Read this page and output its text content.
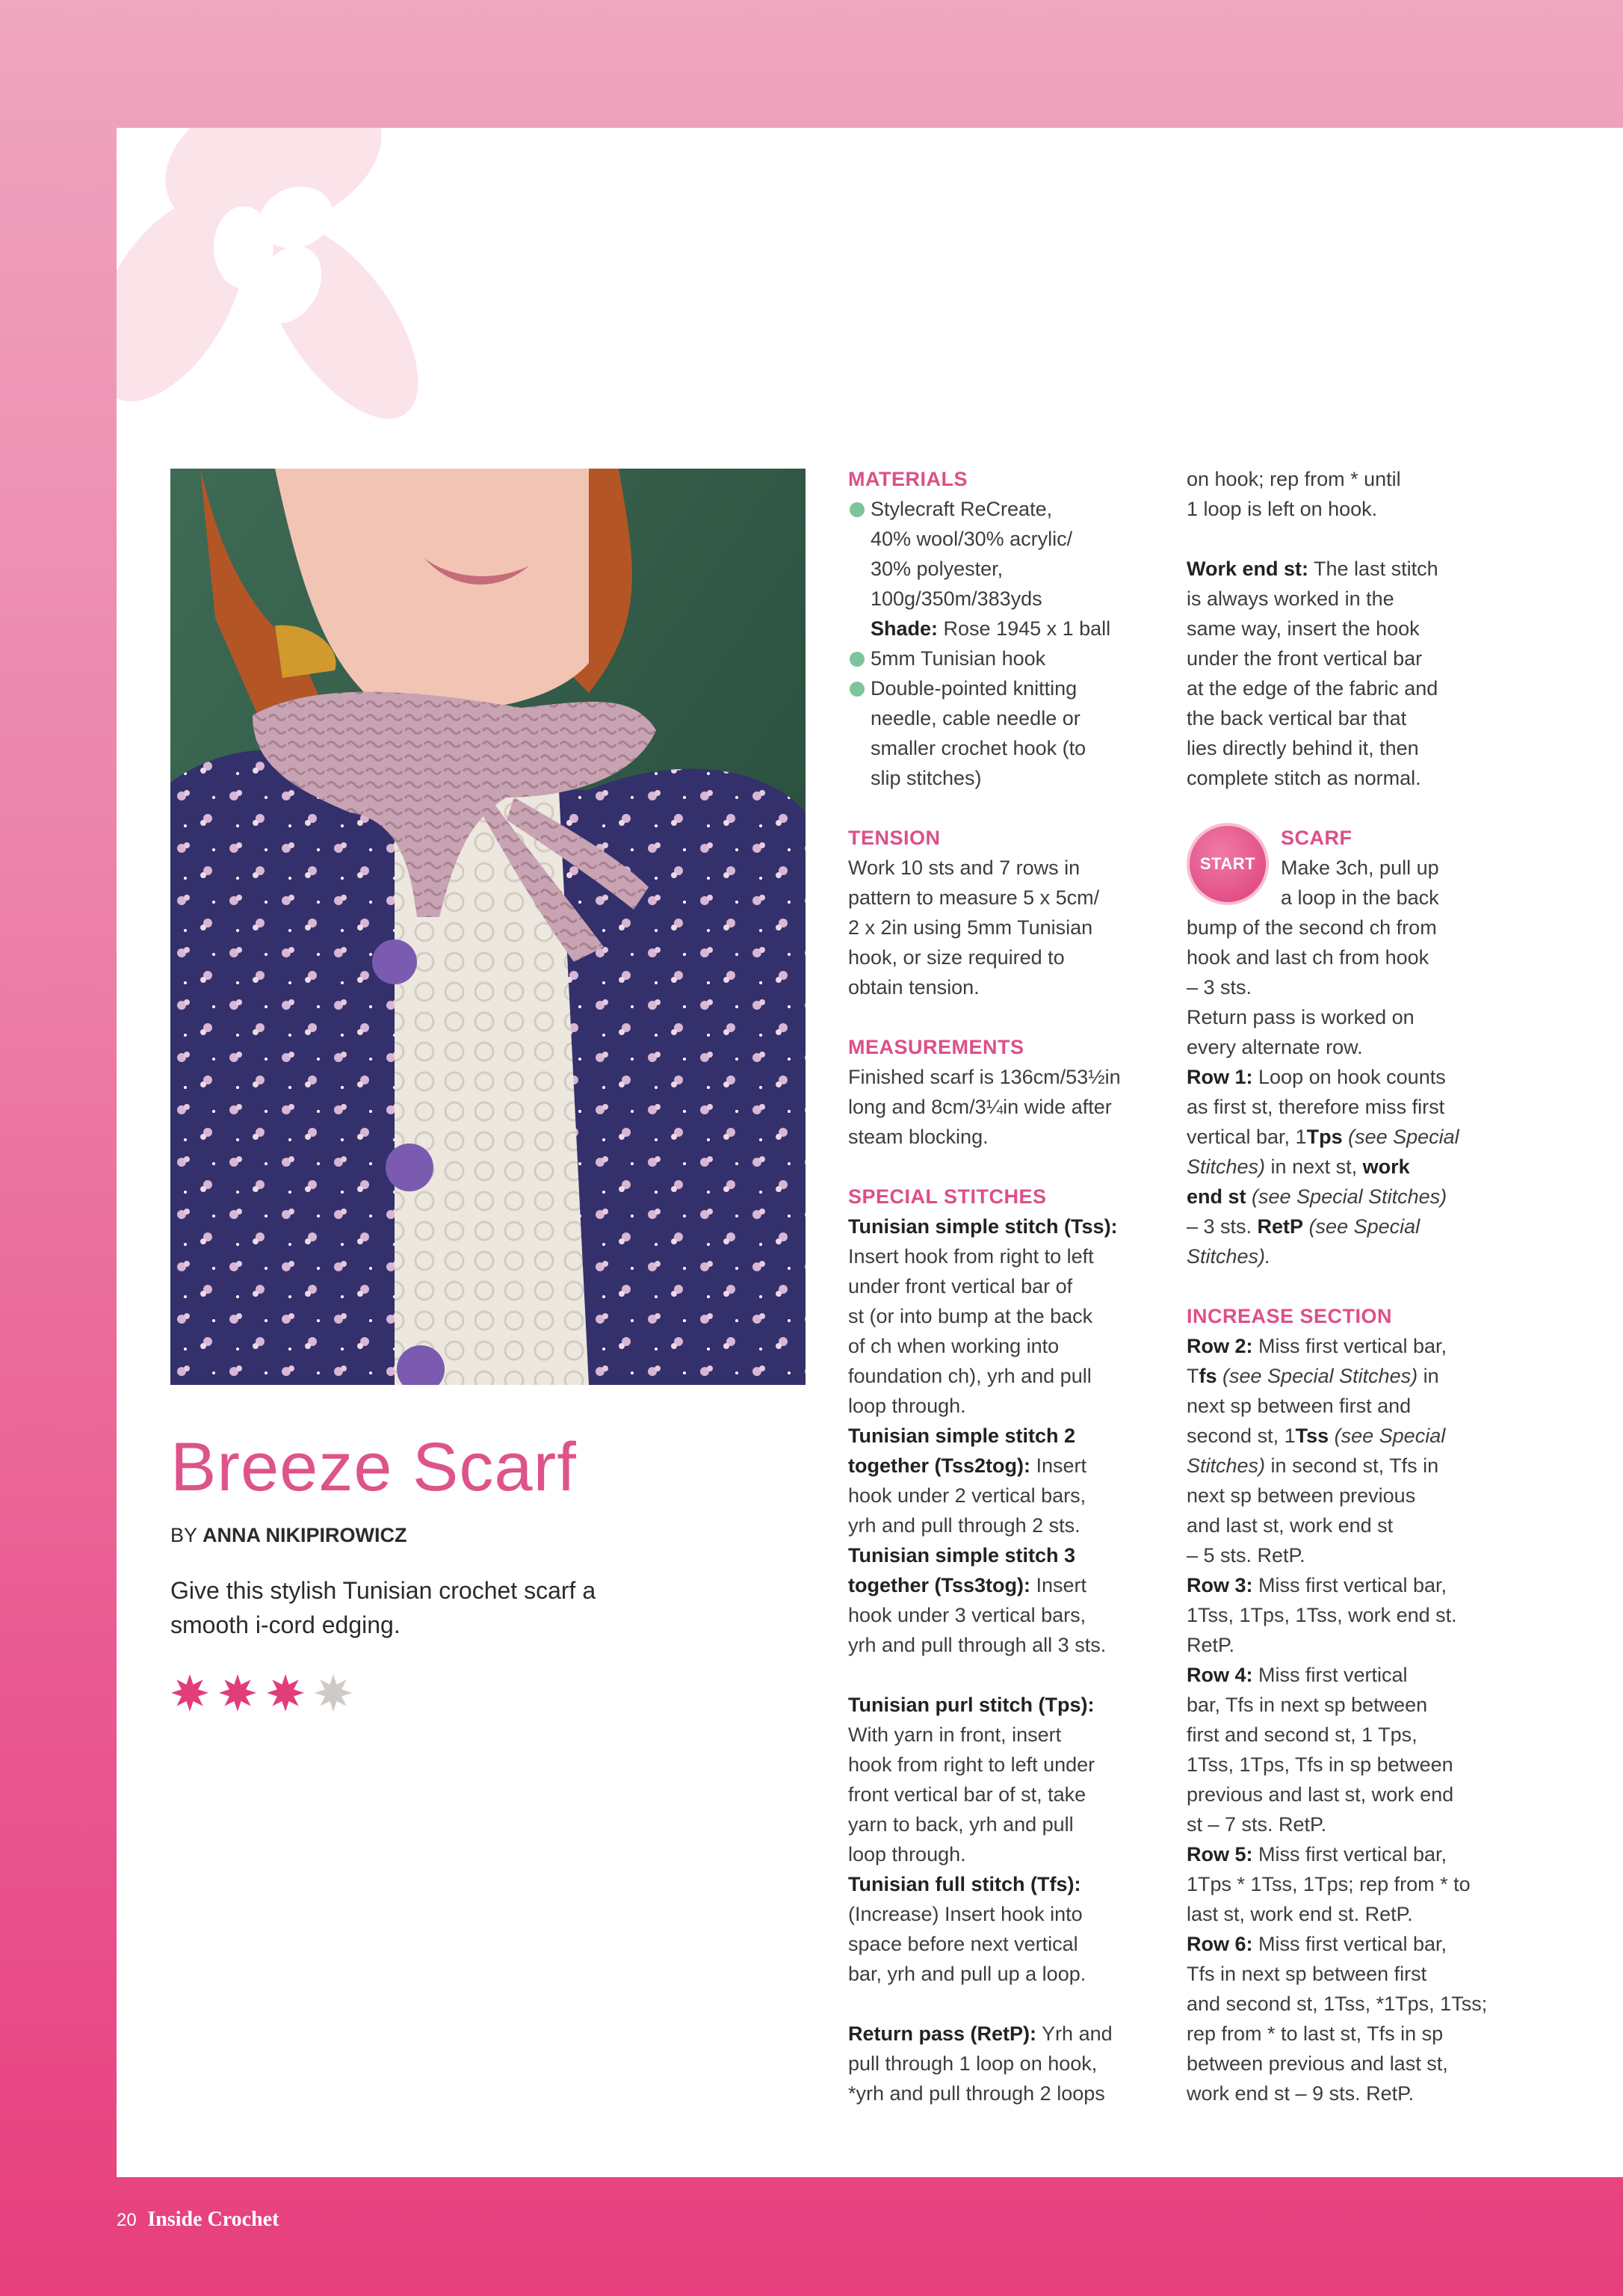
Breeze Scarf
BY ANNA NIKIPIROWICZ

Give this stylish Tunisian crochet scarf a smooth i-cord edging.

MATERIALS

Stylecraft ReCreate,

40% wool/30% acrylic/

30% polyester,

100g/350m/383yds

Shade: Rose 1945 x 1 ball

5mm Tunisian hook

Double-pointed knitting

needle, cable needle or

smaller crochet hook (to

slip stitches)

TENSION

Work 10 sts and 7 rows in

pattern to measure 5 x 5cm/

2 x 2in using 5mm Tunisian

hook, or size required to

obtain tension.

MEASUREMENTS

Finished scarf is 136cm/53½in

long and 8cm/3¼in wide after

steam blocking.

SPECIAL STITCHES

Tunisian simple stitch (Tss):

Insert hook from right to left

under front vertical bar of

st (or into bump at the back

of ch when working into

foundation ch), yrh and pull

loop through.

Tunisian simple stitch 2

together (Tss2tog): Insert

hook under 2 vertical bars,

yrh and pull through 2 sts.

Tunisian simple stitch 3

together (Tss3tog): Insert

hook under 3 vertical bars,

yrh and pull through all 3 sts.

Tunisian purl stitch (Tps):

With yarn in front, insert

hook from right to left under

front vertical bar of st, take

yarn to back, yrh and pull

loop through.

Tunisian full stitch (Tfs):

(Increase) Insert hook into

space before next vertical

bar, yrh and pull up a loop.

Return pass (RetP): Yrh and

pull through 1 loop on hook,

*yrh and pull through 2 loops

on hook; rep from * until

1 loop is left on hook.

Work end st: The last stitch

is always worked in the

same way, insert the hook

under the front vertical bar

at the edge of the fabric and

the back vertical bar that

lies directly behind it, then

complete stitch as normal.

START

SCARF

Make 3ch, pull up

a loop in the back

bump of the second ch from

hook and last ch from hook

– 3 sts.

Return pass is worked on

every alternate row.

Row 1: Loop on hook counts

as first st, therefore miss first

vertical bar, 1Tps (see Special

Stitches) in next st, work

end st (see Special Stitches)

– 3 sts. RetP (see Special

Stitches).

INCREASE SECTION

Row 2: Miss first vertical bar,

Tfs (see Special Stitches) in

next sp between first and

second st, 1Tss (see Special

Stitches) in second st, Tfs in

next sp between previous

and last st, work end st

– 5 sts. RetP.

Row 3: Miss first vertical bar,

1Tss, 1Tps, 1Tss, work end st.

RetP.

Row 4: Miss first vertical

bar, Tfs in next sp between

first and second st, 1 Tps,

1Tss, 1Tps, Tfs in sp between

previous and last st, work end

st – 7 sts. RetP.

Row 5: Miss first vertical bar,

1Tps * 1Tss, 1Tps; rep from * to

last st, work end st. RetP.

Row 6: Miss first vertical bar,

Tfs in next sp between first

and second st, 1Tss, *1Tps, 1Tss;

rep from * to last st, Tfs in sp

between previous and last st,

work end st – 9 sts. RetP.

20 Inside Crochet
